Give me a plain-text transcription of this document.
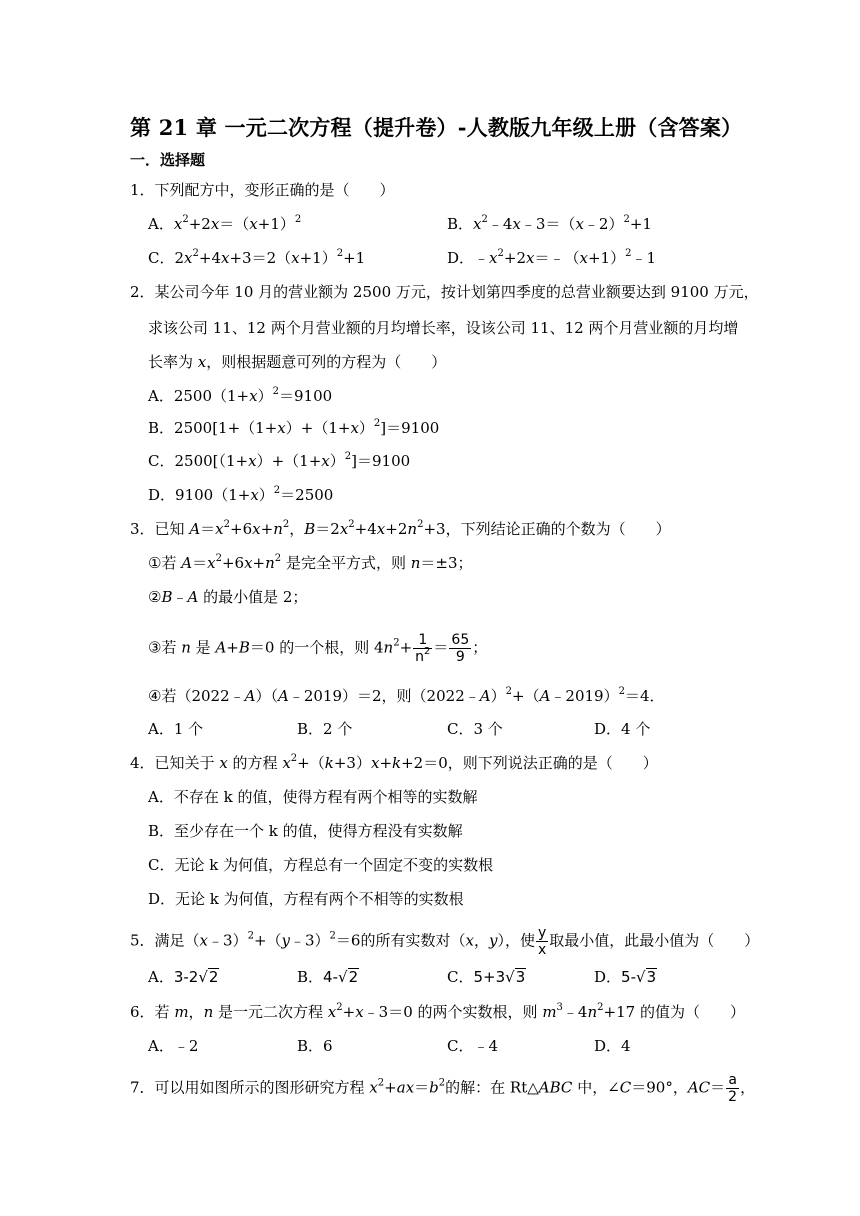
第 21 章 一元二次方程（提升卷）-人教版九年级上册（含答案）
一．选择题
1．下列配方中，变形正确的是（　　）
A．$x^2+2x=(x+1)^2$	B．$x^2﹣4x﹣3=(x﹣2)^2+1$
C．$2x^2+4x+3=2(x+1)^2+1$	D．$﹣x^2+2x=﹣(x+1)^2﹣1$
2．某公司今年 10 月的营业额为 2500 万元，按计划第四季度的总营业额要达到 9100 万元，
求该公司 11、12 两个月营业额的月均增长率，设该公司 11、12 两个月营业额的月均增
长率为 x，则根据题意可列的方程为（　　）
A．$2500(1+x)^2=9100$
B．$2500[1+(1+x)+(1+x)^2]=9100$
C．$2500[(1+x)+(1+x)^2]=9100$
D．$9100(1+x)^2=2500$
3．已知 $A=x^2+6x+n^2$，$B=2x^2+4x+2n^2+3$，下列结论正确的个数为（　　）
①若 $A=x^2+6x+n^2$ 是完全平方式，则 n＝±3；
②B﹣A 的最小值是 2；
③若 n 是 A+B＝0 的一个根，则 $4n^2+ \frac{1}{n^2} = \frac{65}{9}$ ；
④若（2022﹣A）（A﹣2019）＝2，则（2022﹣A）$^2$+（A﹣2019）$^2$＝4．
A．1 个	B．2 个	C．3 个	D．4 个
4．已知关于 x 的方程 $x^2+(k+3)x+k+2=0$，则下列说法正确的是（　　）
A．不存在 k 的值，使得方程有两个相等的实数解
B．至少存在一个 k 的值，使得方程没有实数解
C．无论 k 为何值，方程总有一个固定不变的实数根
D．无论 k 为何值，方程有两个不相等的实数根
5．满足（x﹣3）$^2$+（y﹣3）$^2$＝6的所有实数对（x，y），使 $\frac{y}{x}$ 取最小值，此最小值为（　　）
A．3-2√2	B．4-√2	C．5+3√3	D．5-√3
6．若 m，n 是一元二次方程 $x^2+x﹣3=0$ 的两个实数根，则 $m^3﹣4n^2+17$ 的值为（　　）
A．﹣2	B．6	C．﹣4	D．4
7．可以用如图所示的图形研究方程 $x^2+ax=b^2$的解：在 Rt△ABC 中，∠C＝90°，$AC= \frac{a}{2}$ ，
